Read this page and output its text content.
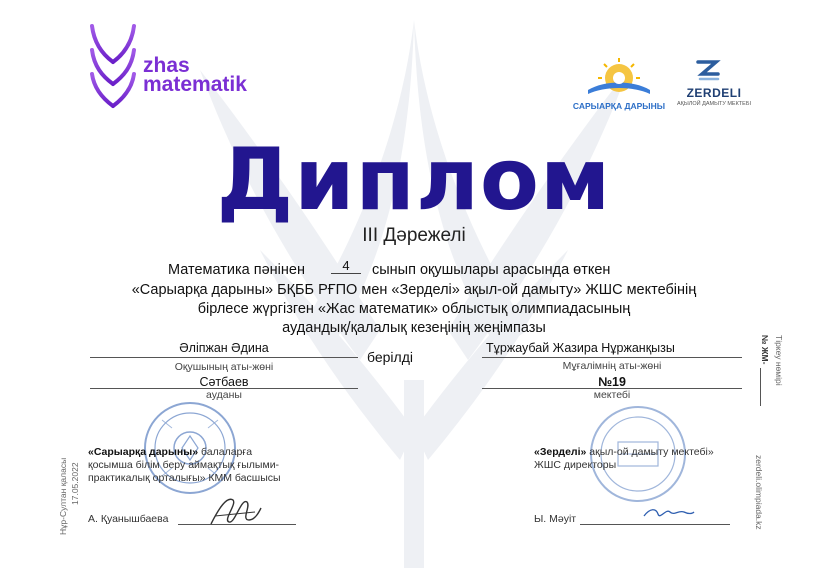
zhas
matematik
САРЫАРҚА ДАРЫНЫ
ZERDELI
АҚЫЛОЙ ДАМЫТУ МЕКТЕБІ
Диплом
ІІІ Дәрежелі
Математика пәнінен	4	сынып оқушылары арасында өткен
«Сарыарқа дарыны» БҚББ РҒПО мен «Зерделі» ақыл-ой дамыту» ЖШС мектебінің
бірлесе жүргізген «Жас математик» облыстық олимпиадасының
аудандық/қалалық кезеңінің жеңімпазы
Әліпжан Әдина
Оқушының аты-жөні
берілді
Сәтбаев
ауданы
Тұржаубай Жазира Нұржанқызы
Мұғалімнің аты-жөні
№19
мектебі
«Сарыарқа дарыны» балаларға
қосымша білім беру аймақтық ғылыми-
практикалық орталығы» КММ басшысы
А. Қуанышбаева
«Зерделі» ақыл-ой дамыту мектебі»
ЖШС директоры
Ы. Мәуіт
Нұр-Султан қаласы 17.05.2022	zerdeli.olimpiada.kz
Тіркеу нөмірі
№ ЖМ-
